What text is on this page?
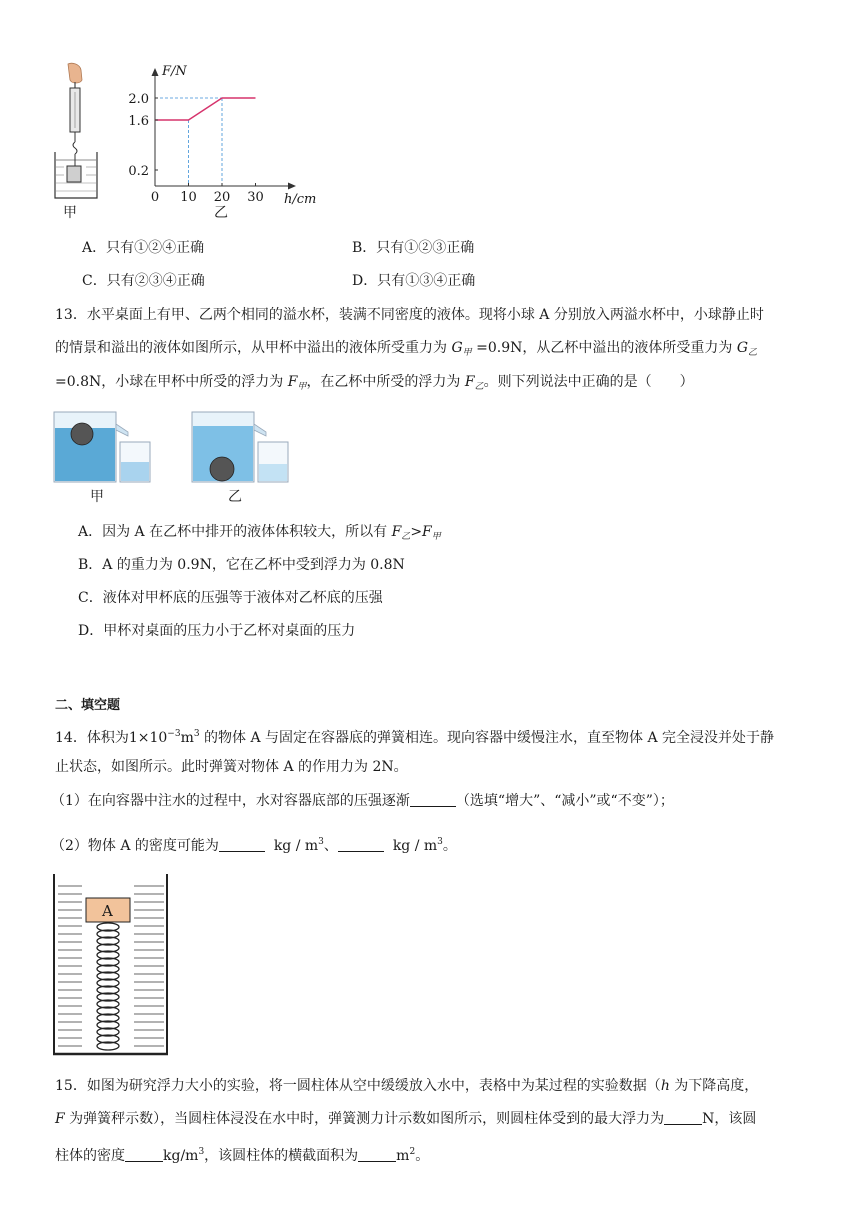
甲
2.0
1.6
0.2
0 10 20 30
F/N
h/cm
乙
A．只有①②④正确	B．只有①②③正确
C．只有②③④正确	D．只有①③④正确
13．水平桌面上有甲、乙两个相同的溢水杯，装满不同密度的液体。现将小球 A 分别放入两溢水杯中，小球静止时
的情景和溢出的液体如图所示，从甲杯中溢出的液体所受重力为 $G_甲 =0.9N$，从乙杯中溢出的液体所受重力为 $G_乙$
=0.8N，小球在甲杯中所受的浮力为 $F_甲$，在乙杯中所受的浮力为 $F_乙$。则下列说法中正确的是（　　）
甲	乙
A．因为 A 在乙杯中排开的液体体积较大，所以有 $F_乙>F_甲$
B．A 的重力为 0.9N，它在乙杯中受到浮力为 0.8N
C．液体对甲杯底的压强等于液体对乙杯底的压强
D．甲杯对桌面的压力小于乙杯对桌面的压力
二、填空题
14．体积为$1\times 10^{-3}m^3$ 的物体 A 与固定在容器底的弹簧相连。现向容器中缓慢注水，直至物体 A 完全浸没并处于静
止状态，如图所示。此时弹簧对物体 A 的作用力为 2N。
（1）在向容器中注水的过程中，水对容器底部的压强逐渐	（选填“增大”、“减小”或“不变”）；
（2）物体 A 的密度可能为	kg / $m^3$、	kg / $m^3$。
A
15．如图为研究浮力大小的实验，将一圆柱体从空中缓缓放入水中，表格中为某过程的实验数据（h 为下降高度，
F 为弹簧秤示数），当圆柱体浸没在水中时，弹簧测力计示数如图所示，则圆柱体受到的最大浮力为	N，该圆
柱体的密度	$kg/m^3$，该圆柱体的横截面积为	$m^2$。
